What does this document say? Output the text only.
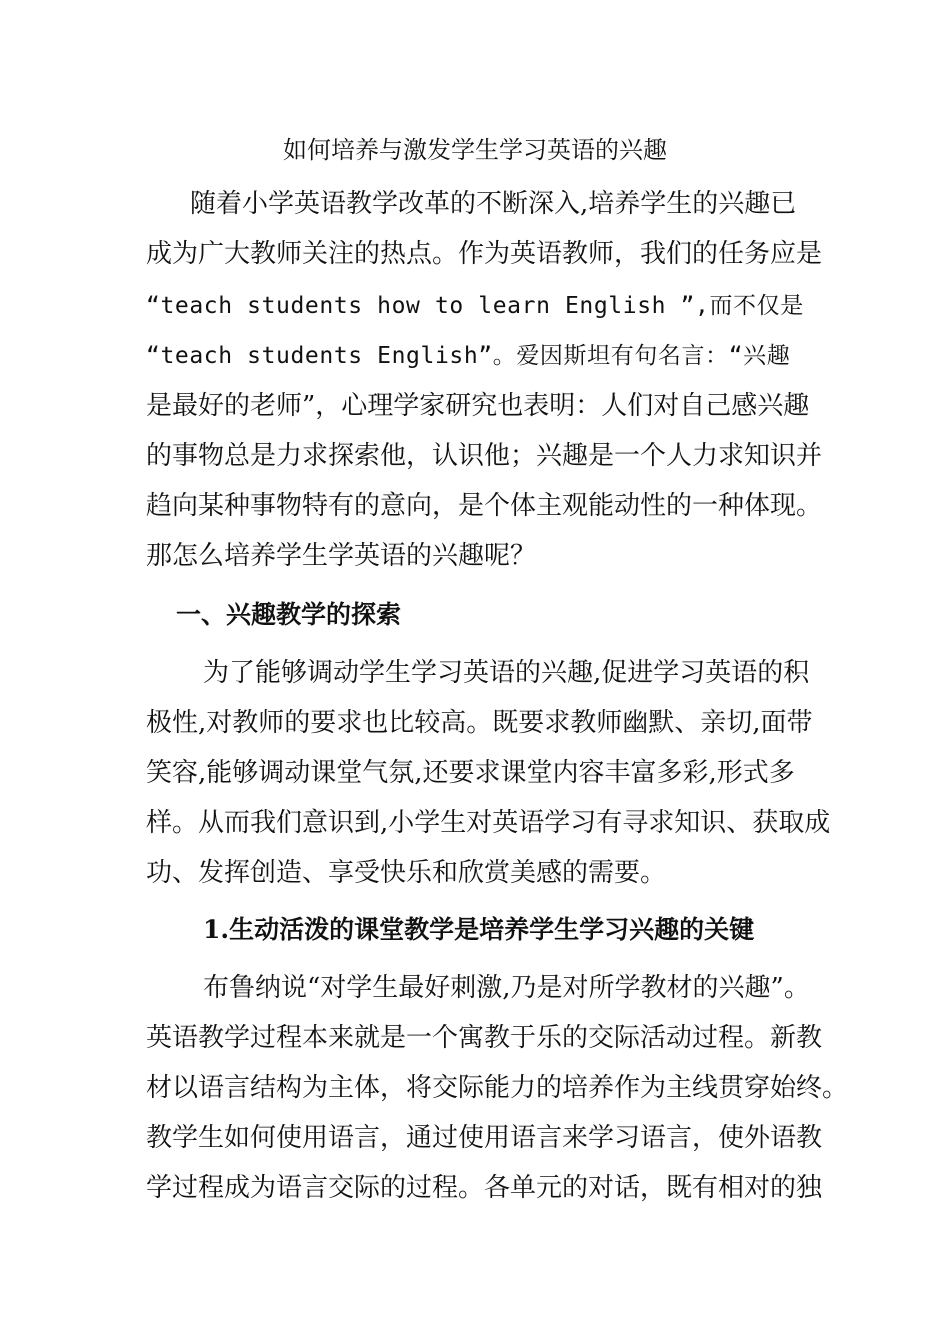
如何培养与激发学生学习英语的兴趣
随着小学英语教学改革的不断深入,培养学生的兴趣已
成为广大教师关注的热点。作为英语教师，我们的任务应是
“teach students how to learn English ”,而不仅是
“teach students English”。爱因斯坦有句名言：“兴趣
是最好的老师”，心理学家研究也表明：人们对自己感兴趣
的事物总是力求探索他，认识他；兴趣是一个人力求知识并
趋向某种事物特有的意向，是个体主观能动性的一种体现。
那怎么培养学生学英语的兴趣呢？
一、兴趣教学的探索
为了能够调动学生学习英语的兴趣,促进学习英语的积
极性,对教师的要求也比较高。既要求教师幽默、亲切,面带
笑容,能够调动课堂气氛,还要求课堂内容丰富多彩,形式多
样。从而我们意识到,小学生对英语学习有寻求知识、获取成
功、发挥创造、享受快乐和欣赏美感的需要。
1.生动活泼的课堂教学是培养学生学习兴趣的关键
布鲁纳说“对学生最好刺激,乃是对所学教材的兴趣”。
英语教学过程本来就是一个寓教于乐的交际活动过程。新教
材以语言结构为主体，将交际能力的培养作为主线贯穿始终。
教学生如何使用语言，通过使用语言来学习语言，使外语教
学过程成为语言交际的过程。各单元的对话，既有相对的独
